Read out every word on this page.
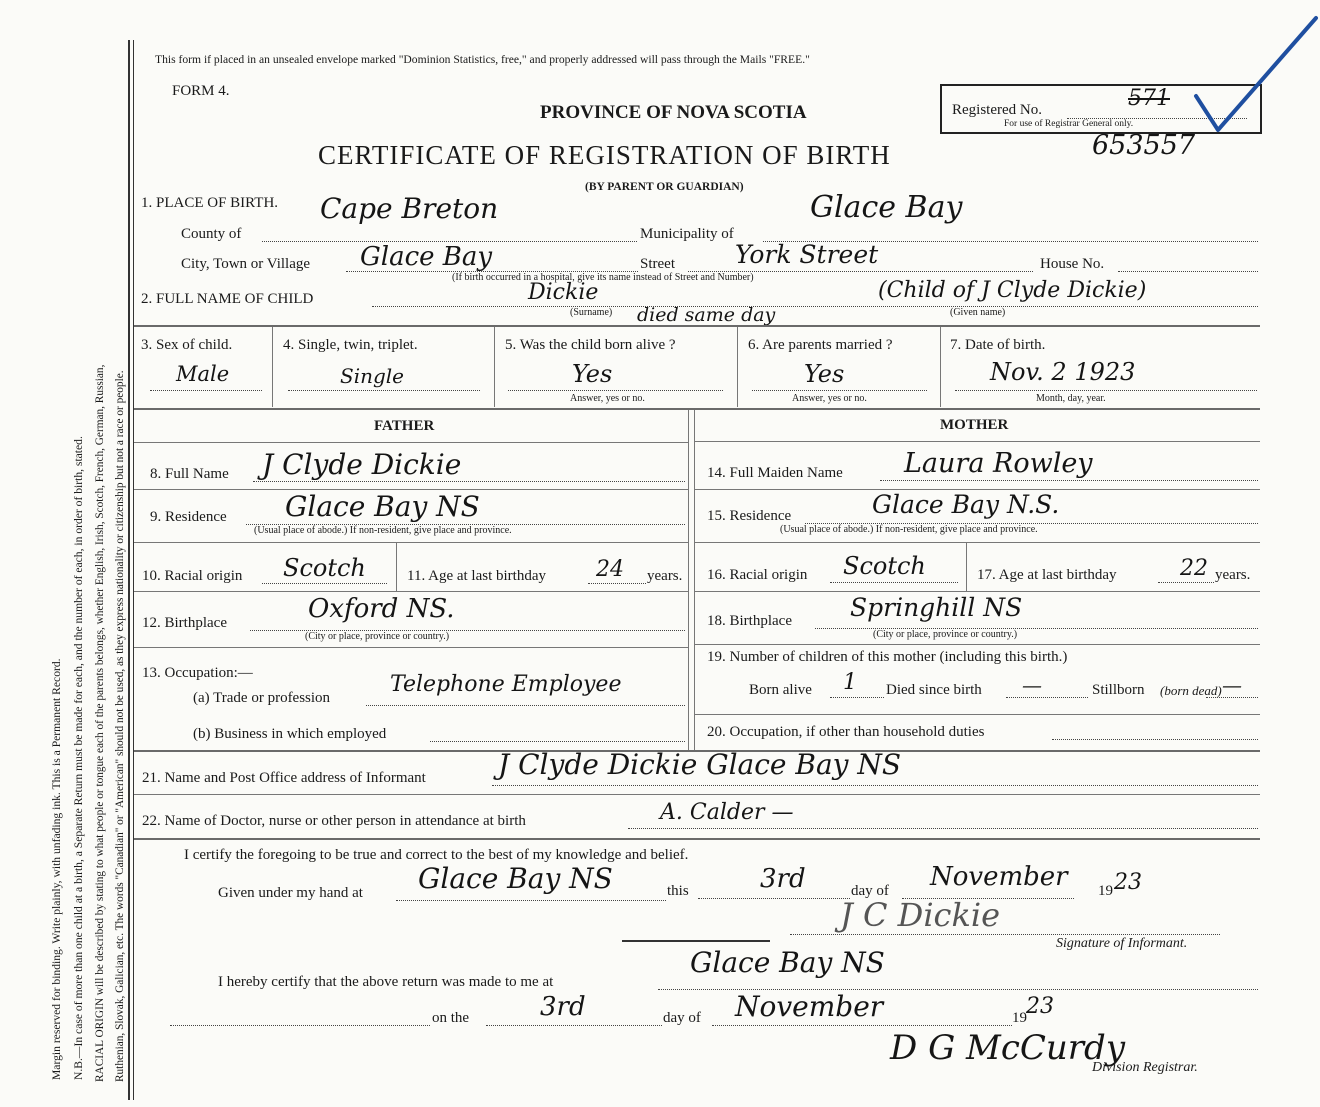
Margin reserved for binding. Write plainly, with unfading ink. This is a Permanent Record. N.B.—In case of more than one child at a birth, a Separate Return must be made for each, and the number of each, in order of birth, stated. RACIAL ORIGIN will be described by stating to what people or tongue each of the parents belongs, whether English, Irish, Scotch, French, German, Russian, Ruthenian, Slovak, Galician, etc. The words "Canadian" or "American" should not be used, as they express nationality or citizenship but not a race or people.
This form if placed in an unsealed envelope marked "Dominion Statistics, free," and properly addressed will pass through the Mails "FREE."
FORM 4.
PROVINCE OF NOVA SCOTIA
CERTIFICATE OF REGISTRATION OF BIRTH
(BY PARENT OR GUARDIAN)
Registered No.	571
For use of Registrar General only.
653557
1. PLACE OF BIRTH.
County of
Cape Breton
Municipality of
Glace Bay
City, Town or Village Glace Bay	Street York Street	House No.
(If birth occurred in a hospital, give its name instead of Street and Number)
2. FULL NAME OF CHILD	Dickie	(Child of J Clyde Dickie)
(Surname) died same day	(Given name)
3. Sex of child.
Male
4. Single, twin, triplet.
Single
5. Was the child born alive ?
Yes
Answer, yes or no.
6. Are parents married ?
Yes
Answer, yes or no.
7. Date of birth.
Nov. 2 1923
Month, day, year.
FATHER	MOTHER
8. Full Name J Clyde Dickie
9. Residence Glace Bay NS
(Usual place of abode.) If non-resident, give place and province.
10. Racial origin Scotch	11. Age at last birthday 24 years.
12. Birthplace	Oxford NS.
(City or place, province or country.)
13. Occupation:—
(a) Trade or profession
Telephone Employee
(b) Business in which employed
14. Full Maiden Name Laura Rowley
15. Residence	Glace Bay N.S.
(Usual place of abode.) If non-resident, give place and province.
16. Racial origin Scotch	17. Age at last birthday	22 years.
18. Birthplace Springhill NS
(City or place, province or country.)
19. Number of children of this mother (including this birth.)
Born alive 1 Died since birth —	Stillborn (born dead) —
20. Occupation, if other than household duties
21. Name and Post Office address of Informant	J Clyde Dickie Glace Bay NS
22. Name of Doctor, nurse or other person in attendance at birth	A. Calder —
I certify the foregoing to be true and correct to the best of my knowledge and belief.
Given under my hand at Glace Bay NS	this	3rd	day of November 19 23
J C Dickie
Signature of Informant.
I hereby certify that the above return was made to me at
Glace Bay NS
on the	3rd	day of November	19 23
D G McCurdy
Division Registrar.
